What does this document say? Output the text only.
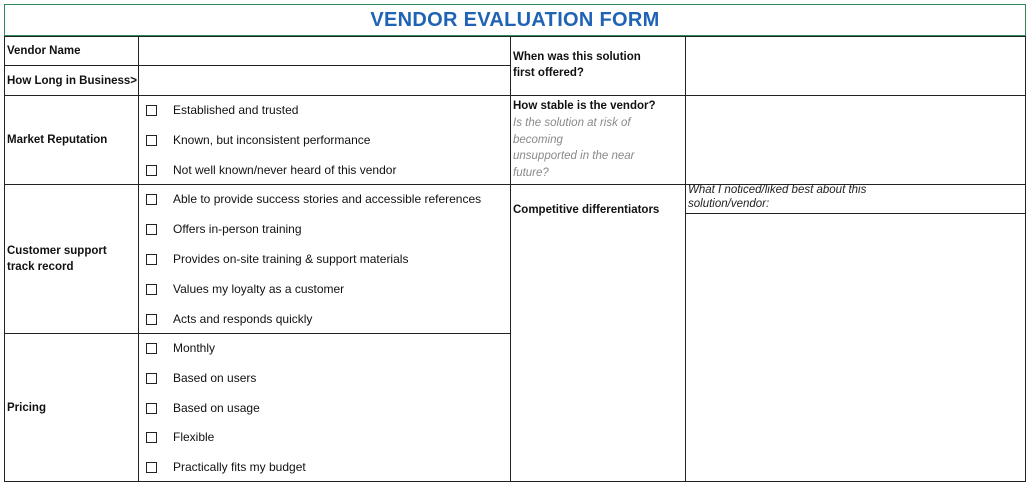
VENDOR EVALUATION FORM
Vendor Name
How Long in Business>
Market Reputation
Customer support
track record
Pricing
Established and trusted
Known, but inconsistent performance
Not well known/never heard of this vendor
Able to provide success stories and accessible references
Offers in-person training
Provides on-site training & support materials
Values my loyalty as a customer
Acts and responds quickly
Monthly
Based on users
Based on usage
Flexible
Practically fits my budget
When was this solution
first offered?
How stable is the vendor?
Is the solution at risk of
becoming
unsupported in the near
future?
Competitive differentiators
What I noticed/liked best about this
solution/vendor:
